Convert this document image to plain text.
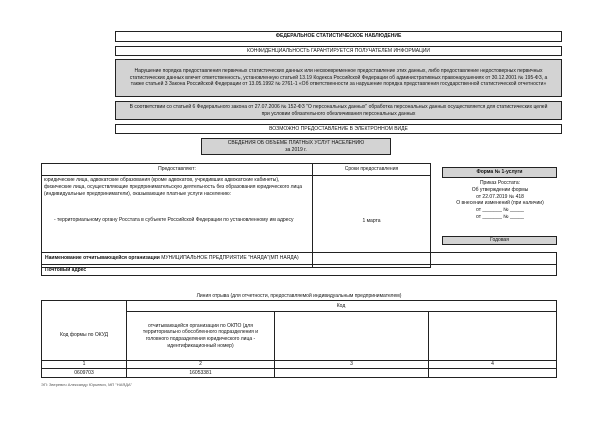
ФЕДЕРАЛЬНОЕ СТАТИСТИЧЕСКОЕ НАБЛЮДЕНИЕ
КОНФИДЕНЦИАЛЬНОСТЬ ГАРАНТИРУЕТСЯ ПОЛУЧАТЕЛЕМ ИНФОРМАЦИИ
Нарушение порядка предоставления первичных статистических данных или несвоевременное предоставление этих данных, либо предоставление недостоверных первичных статистических данных влечет ответственность, установленную статьей 13.19 Кодекса Российской Федерации об административных правонарушениях от 30.12.2001 № 195-ФЗ, а также статьей 3 Закона Российской Федерации от 13.05.1992 № 2761-1 «Об ответственности за нарушение порядка представления государственной статистической отчетности»
В соответствии со статьей 6 Федерального закона от 27.07.2006 № 152-ФЗ "О персональных данных" обработка персональных данных осуществляется для статистических целей при условии обязательного обезличивания персональных данных
ВОЗМОЖНО ПРЕДОСТАВЛЕНИЕ В ЭЛЕКТРОННОМ ВИДЕ
СВЕДЕНИЯ ОБ ОБЪЕМЕ ПЛАТНЫХ УСЛУГ НАСЕЛЕНИЮ
за 2019 г.
Предоставляют:	Сроки предоставления
юридические лица, адвокатские образования (кроме адвокатов, учредивших адвокатские кабинеты), физические лица, осуществляющие предпринимательскую деятельность без образования юридического лица (индивидуальные предприниматели), оказывающие платные услуги населению:
- территориальному органу Росстата в субъекте Российской Федерации по установленному им адресу	1 марта
Форма № 1-услуги
Приказ Росстата:
Об утверждении формы
от 22.07.2019 № 418
О внесении изменений (при наличии)
от _______ № _____
от _______ № _____
Годовая
Наименование отчитывающейся организации МУНИЦИПАЛЬНОЕ ПРЕДПРИЯТИЕ "НАЯДА"(МП НАЯДА)
Почтовый адрес
Линия отрыва (для отчетности, предоставляемой индивидуальным предпринимателем)
Код формы по ОКУД
Код
отчитывающейся организации по ОКПО (для территориально обособленного подразделения и головного подразделения юридического лица - идентификационный номер)
1	2	3	4
0609703	16053381
ЭП: Зверевич Александр Юрьевич, МП "НАЯДА"
